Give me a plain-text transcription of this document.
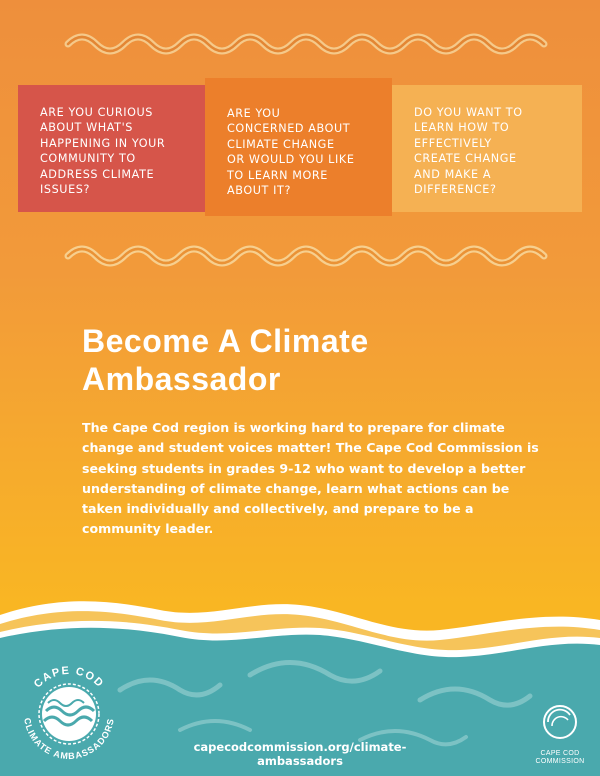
ARE YOU CURIOUS
ABOUT WHAT'S
HAPPENING IN YOUR
COMMUNITY TO
ADDRESS CLIMATE
ISSUES?
ARE YOU
CONCERNED ABOUT
CLIMATE CHANGE
OR WOULD YOU LIKE
TO LEARN MORE
ABOUT IT?
DO YOU WANT TO
LEARN HOW TO
EFFECTIVELY
CREATE CHANGE
AND MAKE A
DIFFERENCE?
Become A Climate
Ambassador
The Cape Cod region is working hard to prepare for climate change and student voices matter! The Cape Cod Commission is seeking students in grades 9-12 who want to develop a better understanding of climate change, learn what actions can be taken individually and collectively, and prepare to be a community leader.
CAPE COD
CLIMATE AMBASSADORS
capecodcommission.org/climate-ambassadors
CAPE COD
COMMISSION
